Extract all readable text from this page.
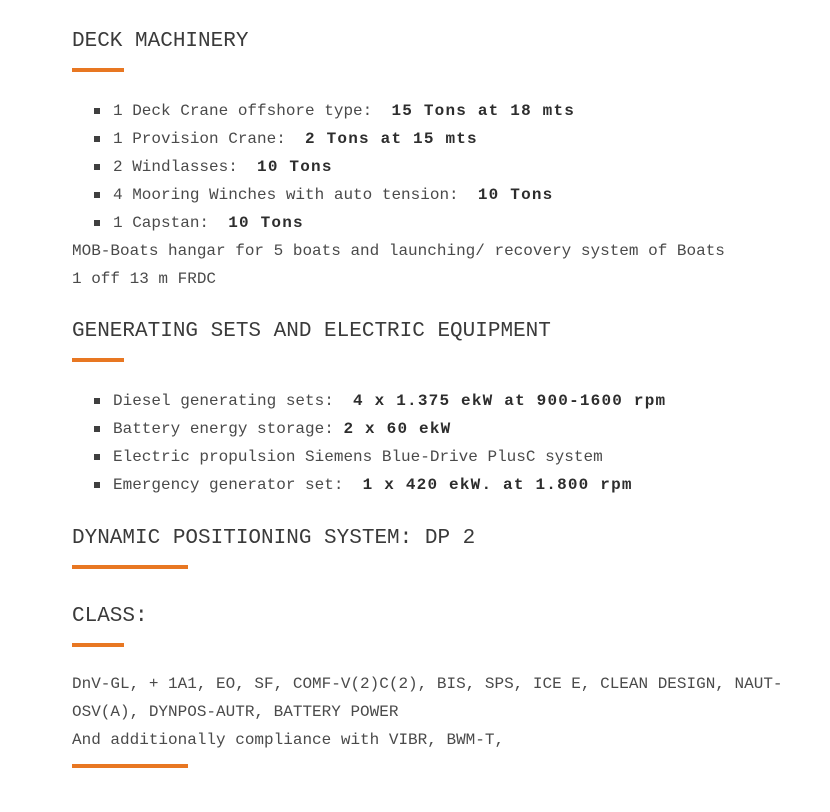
DECK MACHINERY
1 Deck Crane offshore type:  15 Tons at 18 mts
1 Provision Crane:  2 Tons at 15 mts
2 Windlasses:  10 Tons
4 Mooring Winches with auto tension:  10 Tons
1 Capstan:  10 Tons

MOB-Boats hangar for 5 boats and launching/ recovery system of Boats

1 off 13 m FRDC

GENERATING SETS AND ELECTRIC EQUIPMENT
Diesel generating sets:  4 x 1.375 ekW at 900-1600 rpm
Battery energy storage: 2 x 60 ekW
Electric propulsion Siemens Blue-Drive PlusC system
Emergency generator set:  1 x 420 ekW. at 1.800 rpm
DYNAMIC POSITIONING SYSTEM: DP 2
CLASS:

DnV-GL, + 1A1, EO, SF, COMF-V(2)C(2), BIS, SPS, ICE E, CLEAN DESIGN, NAUT-

OSV(A), DYNPOS-AUTR, BATTERY POWER

And additionally compliance with VIBR, BWM-T,
